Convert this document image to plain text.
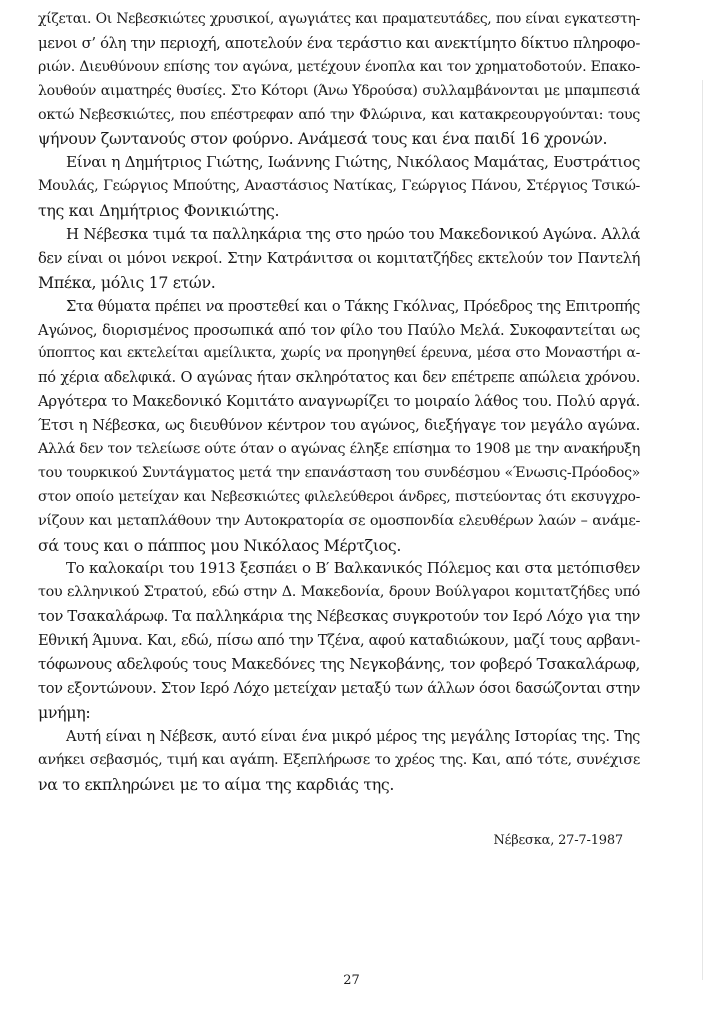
χίζεται. Οι Νεβεσκιώτες χρυσικοί, αγωγιάτες και πραματευτάδες, που είναι εγκατεστη-
μενοι σ’ όλη την περιοχή, αποτελούν ένα τεράστιο και ανεκτίμητο δίκτυο πληροφο-
ριών. Διευθύνουν επίσης τον αγώνα, μετέχουν ένοπλα και τον χρηματοδοτούν. Επακο-
λουθούν αιματηρές θυσίες. Στο Κότορι (Άνω Υδρούσα) συλλαμβάνονται με μπαμπεσιά
οκτώ Νεβεσκιώτες, που επέστρεφαν από την Φλώρινα, και κατακρεουργούνται: τους
ψήνουν ζωντανούς στον φούρνο. Ανάμεσά τους και ένα παιδί 16 χρονών.
Είναι η Δημήτριος Γιώτης, Ιωάννης Γιώτης, Νικόλαος Μαμάτας, Ευστράτιος
Μουλάς, Γεώργιος Μπούτης, Αναστάσιος Νατίκας, Γεώργιος Πάνου, Στέργιος Τσικώ-
της και Δημήτριος Φονικιώτης.
Η Νέβεσκα τιμά τα παλληκάρια της στο ηρώο του Μακεδονικού Αγώνα. Αλλά
δεν είναι οι μόνοι νεκροί. Στην Κατράνιτσα οι κομιτατζήδες εκτελούν τον Παντελή
Μπέκα, μόλις 17 ετών.
Στα θύματα πρέπει να προστεθεί και ο Τάκης Γκόλνας, Πρόεδρος της Επιτροπής
Αγώνος, διορισμένος προσωπικά από τον φίλο του Παύλο Μελά. Συκοφαντείται ως
ύποπτος και εκτελείται αμείλικτα, χωρίς να προηγηθεί έρευνα, μέσα στο Μοναστήρι α-
πό χέρια αδελφικά. Ο αγώνας ήταν σκληρότατος και δεν επέτρεπε απώλεια χρόνου.
Αργότερα το Μακεδονικό Κομιτάτο αναγνωρίζει το μοιραίο λάθος του. Πολύ αργά.
Έτσι η Νέβεσκα, ως διευθύνον κέντρον του αγώνος, διεξήγαγε τον μεγάλο αγώνα.
Αλλά δεν τον τελείωσε ούτε όταν ο αγώνας έληξε επίσημα το 1908 με την ανακήρυξη
του τουρκικού Συντάγματος μετά την επανάσταση του συνδέσμου «Ένωσις-Πρόοδος»
στον οποίο μετείχαν και Νεβεσκιώτες φιλελεύθεροι άνδρες, πιστεύοντας ότι εκσυγχρο-
νίζουν και μεταπλάθουν την Αυτοκρατορία σε ομοσπονδία ελευθέρων λαών – ανάμε-
σά τους και ο πάππος μου Νικόλαος Μέρτζιος.
Το καλοκαίρι του 1913 ξεσπάει ο Β′ Βαλκανικός Πόλεμος και στα μετόπισθεν
του ελληνικού Στρατού, εδώ στην Δ. Μακεδονία, δρουν Βούλγαροι κομιτατζήδες υπό
τον Τσακαλάρωφ. Τα παλληκάρια της Νέβεσκας συγκροτούν τον Ιερό Λόχο για την
Εθνική Άμυνα. Και, εδώ, πίσω από την Τζένα, αφού καταδιώκουν, μαζί τους αρβανι-
τόφωνους αδελφούς τους Μακεδόνες της Νεγκοβάνης, τον φοβερό Τσακαλάρωφ,
τον εξοντώνουν. Στον Ιερό Λόχο μετείχαν μεταξύ των άλλων όσοι δασώζονται στην
μνήμη:
Αυτή είναι η Νέβεσκ, αυτό είναι ένα μικρό μέρος της μεγάλης Ιστορίας της. Της
ανήκει σεβασμός, τιμή και αγάπη. Εξεπλήρωσε το χρέος της. Και, από τότε, συνέχισε
να το εκπληρώνει με το αίμα της καρδιάς της.
Νέβεσκα, 27-7-1987
27
